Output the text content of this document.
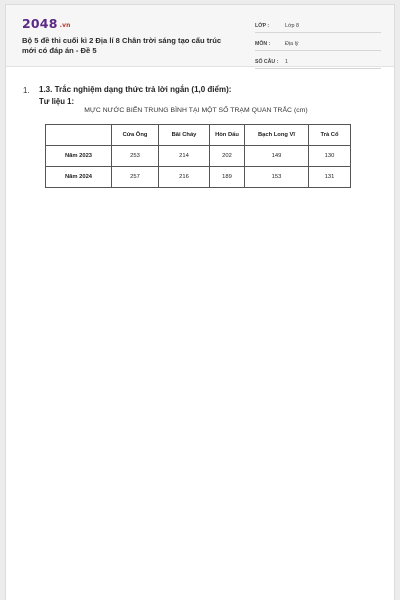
2048 .vn
Bộ 5 đề thi cuối kì 2 Địa lí 8 Chân trời sáng tạo cấu trúc mới có đáp án - Đề 5
LỚP :	Lớp 8
MÔN :	Địa lý
SỐ CÂU :	1
1. 1.3. Trắc nghiệm dạng thức trả lời ngắn (1,0 điểm):
Tư liệu 1:
MỰC NƯỚC BIỂN TRUNG BÌNH TẠI MỘT SỐ TRẠM QUAN TRẮC (cm)
	Cửa Ông	Bãi Cháy	Hòn Dấu	Bạch Long Vĩ	Trà Cổ
Năm 2023	253	214	202	149	130
Năm 2024	257	216	189	153	131
